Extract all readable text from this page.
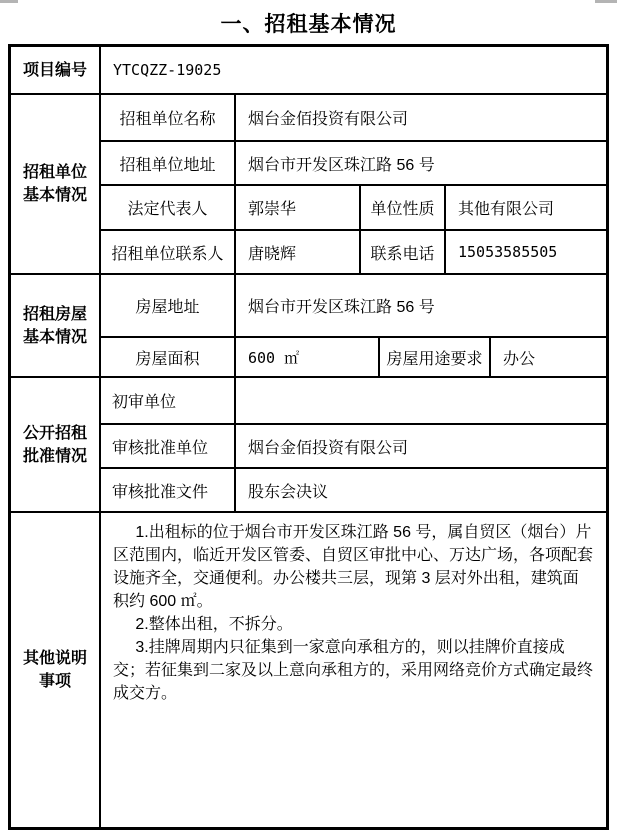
一、招租基本情况
项目编号	YTCQZZ-19025
招租单位基本情况
招租单位名称	烟台金佰投资有限公司
招租单位地址	烟台市开发区珠江路 56 号
法定代表人	郭崇华	单位性质	其他有限公司
招租单位联系人	唐晓辉	联系电话	15053585505
招租房屋基本情况
房屋地址	烟台市开发区珠江路 56 号
房屋面积	600 ㎡	房屋用途要求	办公
公开招租批准情况
初审单位
审核批准单位	烟台金佰投资有限公司
审核批准文件	股东会决议
其他说明事项

1.出租标的位于烟台市开发区珠江路 56 号，属自贸区（烟台）片区范围内，临近开发区管委、自贸区审批中心、万达广场，各项配套设施齐全，交通便利。办公楼共三层，现第 3 层对外出租，建筑面积约 600 ㎡。

2.整体出租，不拆分。

3.挂牌周期内只征集到一家意向承租方的，则以挂牌价直接成交；若征集到二家及以上意向承租方的，采用网络竞价方式确定最终成交方。
